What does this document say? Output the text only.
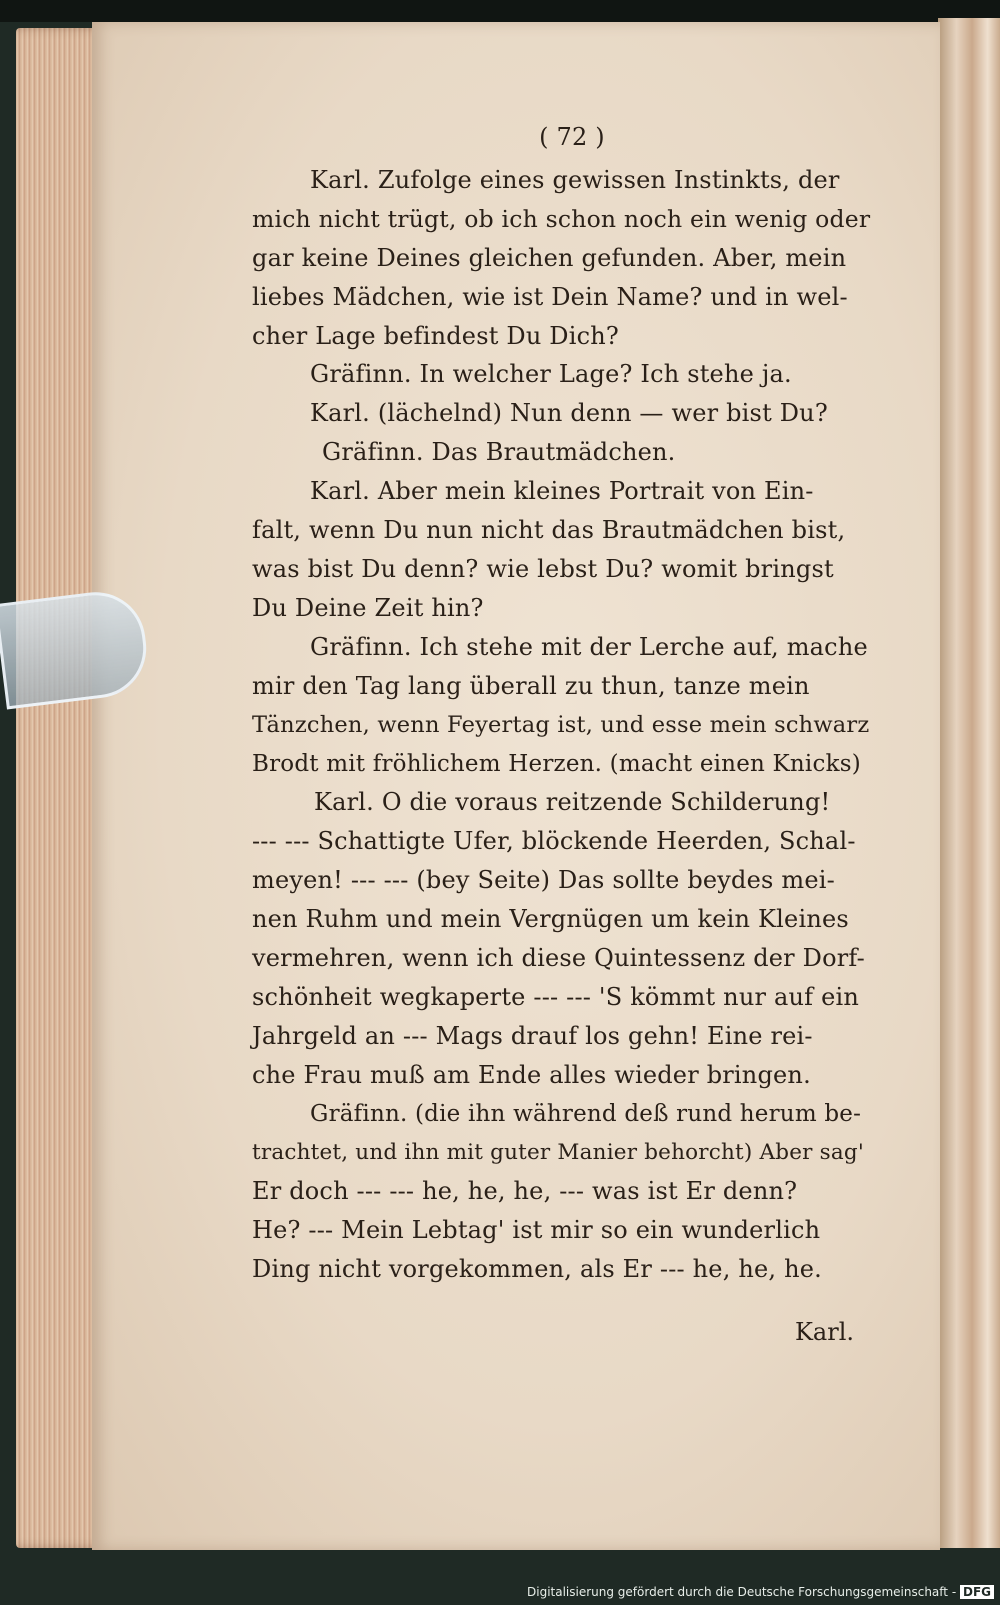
( 72 )
Karl. Zufolge eines gewissen Instinkts, der
mich nicht trügt, ob ich schon noch ein wenig oder
gar keine Deines gleichen gefunden. Aber, mein
liebes Mädchen, wie ist Dein Name? und in wel-
cher Lage befindest Du Dich?
Gräfinn. In welcher Lage? Ich stehe ja.
Karl. (lächelnd) Nun denn — wer bist Du?
Gräfinn. Das Brautmädchen.
Karl. Aber mein kleines Portrait von Ein-
falt, wenn Du nun nicht das Brautmädchen bist,
was bist Du denn? wie lebst Du? womit bringst
Du Deine Zeit hin?
Gräfinn. Ich stehe mit der Lerche auf, mache
mir den Tag lang überall zu thun, tanze mein
Tänzchen, wenn Feyertag ist, und esse mein schwarz
Brodt mit fröhlichem Herzen. (macht einen Knicks)
Karl. O die voraus reitzende Schilderung!
--- --- Schattigte Ufer, blöckende Heerden, Schal-
meyen! --- --- (bey Seite) Das sollte beydes mei-
nen Ruhm und mein Vergnügen um kein Kleines
vermehren, wenn ich diese Quintessenz der Dorf-
schönheit wegkaperte --- --- 'S kömmt nur auf ein
Jahrgeld an --- Mags drauf los gehn! Eine rei-
che Frau muß am Ende alles wieder bringen.
Gräfinn. (die ihn während deß rund herum be-
trachtet, und ihn mit guter Manier behorcht) Aber sag'
Er doch --- --- he, he, he, --- was ist Er denn?
He? --- Mein Lebtag' ist mir so ein wunderlich
Ding nicht vorgekommen, als Er --- he, he, he.
Karl.
Digitalisierung gefördert durch die Deutsche Forschungsgemeinschaft - DFG
